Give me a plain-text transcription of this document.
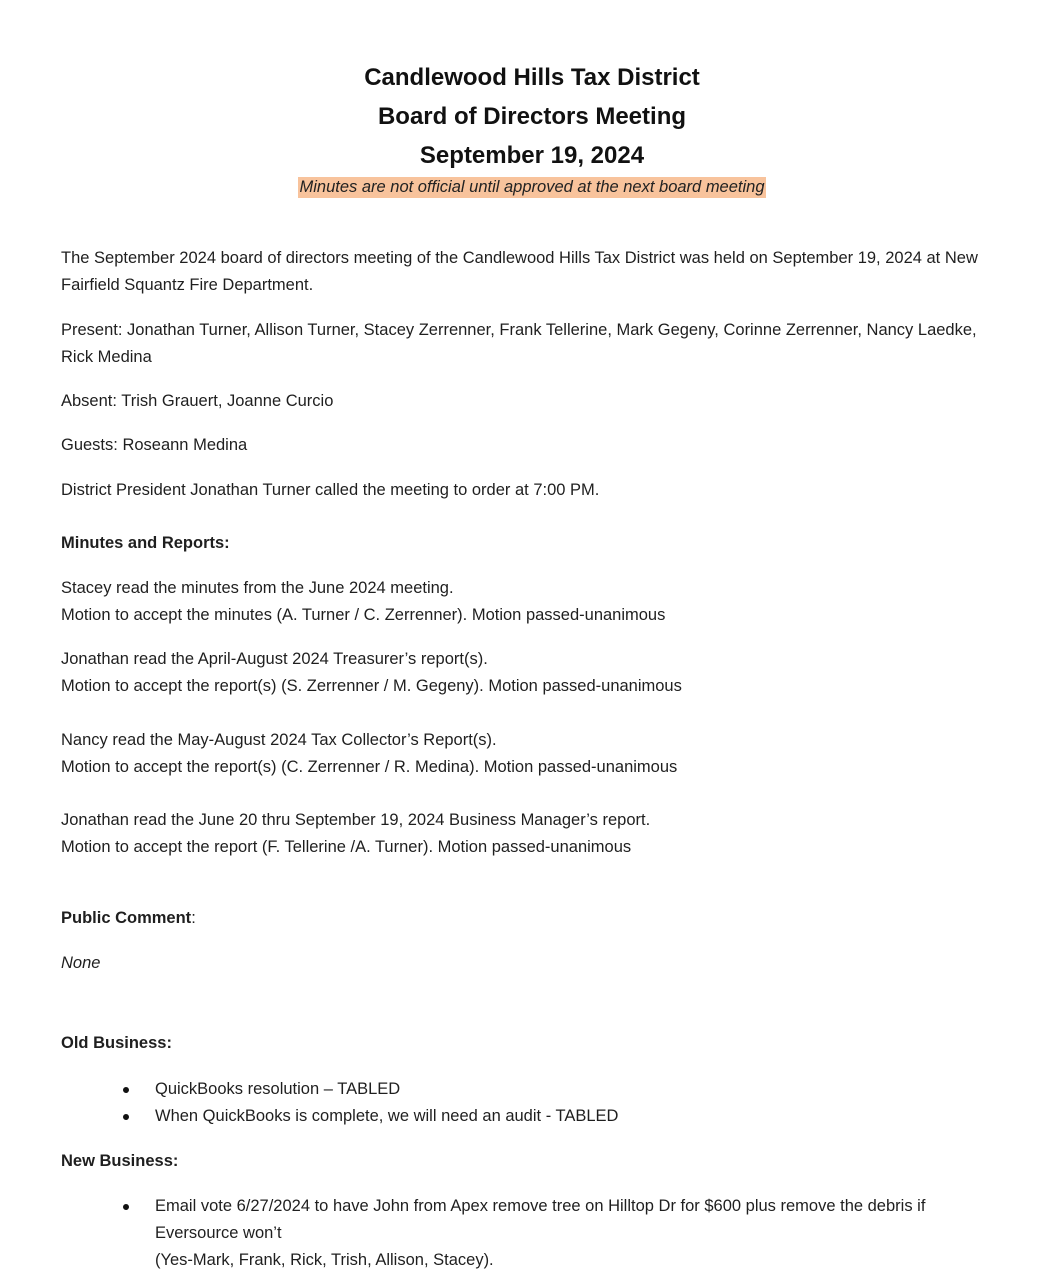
Candlewood Hills Tax District
Board of Directors Meeting
September 19, 2024
Minutes are not official until approved at the next board meeting
The September 2024 board of directors meeting of the Candlewood Hills Tax District was held on September 19, 2024 at New Fairfield Squantz Fire Department.
Present: Jonathan Turner, Allison Turner, Stacey Zerrenner, Frank Tellerine, Mark Gegeny, Corinne Zerrenner, Nancy Laedke, Rick Medina
Absent: Trish Grauert, Joanne Curcio
Guests: Roseann Medina
District President Jonathan Turner called the meeting to order at 7:00 PM.
Minutes and Reports:
Stacey read the minutes from the June 2024 meeting.
Motion to accept the minutes (A. Turner / C. Zerrenner). Motion passed-unanimous
Jonathan read the April-August 2024 Treasurer’s report(s).
Motion to accept the report(s) (S. Zerrenner / M. Gegeny). Motion passed-unanimous
Nancy read the May-August 2024 Tax Collector’s Report(s).
Motion to accept the report(s) (C. Zerrenner / R. Medina). Motion passed-unanimous
Jonathan read the June 20 thru September 19, 2024 Business Manager’s report.
Motion to accept the report (F. Tellerine /A. Turner). Motion passed-unanimous
Public Comment:
None
Old Business:
QuickBooks resolution – TABLED
When QuickBooks is complete, we will need an audit - TABLED
New Business:
Email vote 6/27/2024 to have John from Apex remove tree on Hilltop Dr for $600 plus remove the debris if Eversource won’t
(Yes-Mark, Frank, Rick, Trish, Allison, Stacey).
